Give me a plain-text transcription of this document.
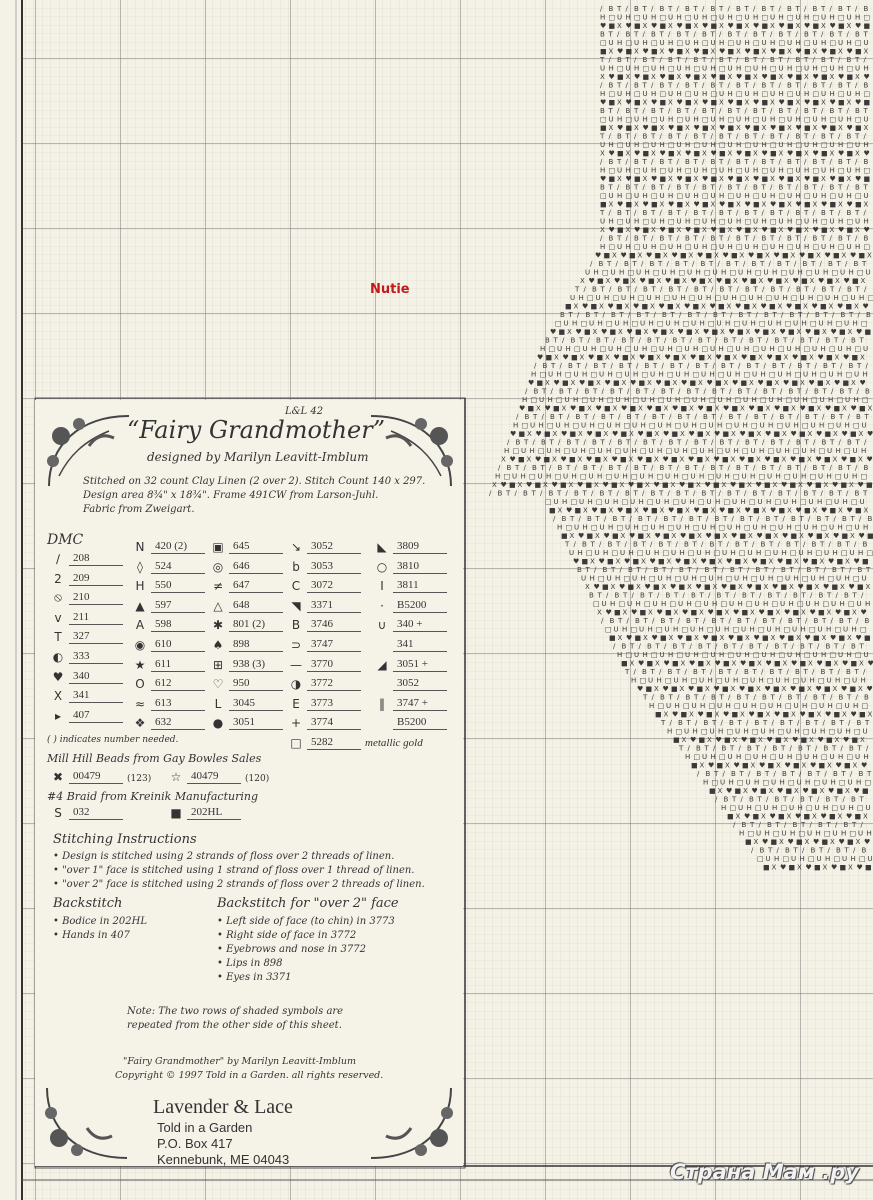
∕ B T ∕ B T ∕ B T ∕ B T ∕ B T ∕ B T ∕ B T ∕ B T ∕ B T ∕ B T ∕ B
H □ U H □ U H □ U H □ U H □ U H □ U H □ U H □ U H □ U H □ U H □
♥ ■ X ♥ ■ X ♥ ■ X ♥ ■ X ♥ ■ X ♥ ■ X ♥ ■ X ♥ ■ X ♥ ■ X ♥ ■ X ♥ ■
B T ∕ B T ∕ B T ∕ B T ∕ B T ∕ B T ∕ B T ∕ B T ∕ B T ∕ B T ∕ B T
□ U H □ U H □ U H □ U H □ U H □ U H □ U H □ U H □ U H □ U H □ U
■ X ♥ ■ X ♥ ■ X ♥ ■ X ♥ ■ X ♥ ■ X ♥ ■ X ♥ ■ X ♥ ■ X ♥ ■ X ♥ ■ X
T ∕ B T ∕ B T ∕ B T ∕ B T ∕ B T ∕ B T ∕ B T ∕ B T ∕ B T ∕ B T ∕
U H □ U H □ U H □ U H □ U H □ U H □ U H □ U H □ U H □ U H □ U H
X ♥ ■ X ♥ ■ X ♥ ■ X ♥ ■ X ♥ ■ X ♥ ■ X ♥ ■ X ♥ ■ X ♥ ■ X ♥ ■ X ♥
∕ B T ∕ B T ∕ B T ∕ B T ∕ B T ∕ B T ∕ B T ∕ B T ∕ B T ∕ B T ∕ B
H □ U H □ U H □ U H □ U H □ U H □ U H □ U H □ U H □ U H □ U H □
♥ ■ X ♥ ■ X ♥ ■ X ♥ ■ X ♥ ■ X ♥ ■ X ♥ ■ X ♥ ■ X ♥ ■ X ♥ ■ X ♥ ■
B T ∕ B T ∕ B T ∕ B T ∕ B T ∕ B T ∕ B T ∕ B T ∕ B T ∕ B T ∕ B T
□ U H □ U H □ U H □ U H □ U H □ U H □ U H □ U H □ U H □ U H □ U
■ X ♥ ■ X ♥ ■ X ♥ ■ X ♥ ■ X ♥ ■ X ♥ ■ X ♥ ■ X ♥ ■ X ♥ ■ X ♥ ■ X
T ∕ B T ∕ B T ∕ B T ∕ B T ∕ B T ∕ B T ∕ B T ∕ B T ∕ B T ∕ B T ∕
U H □ U H □ U H □ U H □ U H □ U H □ U H □ U H □ U H □ U H □ U H
X ♥ ■ X ♥ ■ X ♥ ■ X ♥ ■ X ♥ ■ X ♥ ■ X ♥ ■ X ♥ ■ X ♥ ■ X ♥ ■ X ♥
∕ B T ∕ B T ∕ B T ∕ B T ∕ B T ∕ B T ∕ B T ∕ B T ∕ B T ∕ B T ∕ B
H □ U H □ U H □ U H □ U H □ U H □ U H □ U H □ U H □ U H □ U H □
♥ ■ X ♥ ■ X ♥ ■ X ♥ ■ X ♥ ■ X ♥ ■ X ♥ ■ X ♥ ■ X ♥ ■ X ♥ ■ X ♥ ■
B T ∕ B T ∕ B T ∕ B T ∕ B T ∕ B T ∕ B T ∕ B T ∕ B T ∕ B T ∕ B T
□ U H □ U H □ U H □ U H □ U H □ U H □ U H □ U H □ U H □ U H □ U
■ X ♥ ■ X ♥ ■ X ♥ ■ X ♥ ■ X ♥ ■ X ♥ ■ X ♥ ■ X ♥ ■ X ♥ ■ X ♥ ■ X
T ∕ B T ∕ B T ∕ B T ∕ B T ∕ B T ∕ B T ∕ B T ∕ B T ∕ B T ∕ B T ∕
U H □ U H □ U H □ U H □ U H □ U H □ U H □ U H □ U H □ U H □ U H
X ♥ ■ X ♥ ■ X ♥ ■ X ♥ ■ X ♥ ■ X ♥ ■ X ♥ ■ X ♥ ■ X ♥ ■ X ♥ ■ X ♥
∕ B T ∕ B T ∕ B T ∕ B T ∕ B T ∕ B T ∕ B T ∕ B T ∕ B T ∕ B T ∕ B
H □ U H □ U H □ U H □ U H □ U H □ U H □ U H □ U H □ U H □ U H □
♥ ■ X ♥ ■ X ♥ ■ X ♥ ■ X ♥ ■ X ♥ ■ X ♥ ■ X ♥ ■ X ♥ ■ X ♥ ■ X ♥ ■ X
∕ B T ∕ B T ∕ B T ∕ B T ∕ B T ∕ B T ∕ B T ∕ B T ∕ B T ∕ B T ∕ B T
U H □ U H □ U H □ U H □ U H □ U H □ U H □ U H □ U H □ U H □ U H □ U
X ♥ ■ X ♥ ■ X ♥ ■ X ♥ ■ X ♥ ■ X ♥ ■ X ♥ ■ X ♥ ■ X ♥ ■ X ♥ ■ X ♥ ■ X
T ∕ B T ∕ B T ∕ B T ∕ B T ∕ B T ∕ B T ∕ B T ∕ B T ∕ B T ∕ B T ∕ B T ∕
U H □ U H □ U H □ U H □ U H □ U H □ U H □ U H □ U H □ U H □ U H □ U H □
■ X ♥ ■ X ♥ ■ X ♥ ■ X ♥ ■ X ♥ ■ X ♥ ■ X ♥ ■ X ♥ ■ X ♥ ■ X ♥ ■ X ♥ ■ X ♥
B T ∕ B T ∕ B T ∕ B T ∕ B T ∕ B T ∕ B T ∕ B T ∕ B T ∕ B T ∕ B T ∕ B T ∕ B
□ U H □ U H □ U H □ U H □ U H □ U H □ U H □ U H □ U H □ U H □ U H □ U H □
♥ ■ X ♥ ■ X ♥ ■ X ♥ ■ X ♥ ■ X ♥ ■ X ♥ ■ X ♥ ■ X ♥ ■ X ♥ ■ X ♥ ■ X ♥ ■ X ♥ ■
B T ∕ B T ∕ B T ∕ B T ∕ B T ∕ B T ∕ B T ∕ B T ∕ B T ∕ B T ∕ B T ∕ B T ∕ B T
H □ U H □ U H □ U H □ U H □ U H □ U H □ U H □ U H □ U H □ U H □ U H □ U H □ U
♥ ■ X ♥ ■ X ♥ ■ X ♥ ■ X ♥ ■ X ♥ ■ X ♥ ■ X ♥ ■ X ♥ ■ X ♥ ■ X ♥ ■ X ♥ ■ X ♥ ■ X
∕ B T ∕ B T ∕ B T ∕ B T ∕ B T ∕ B T ∕ B T ∕ B T ∕ B T ∕ B T ∕ B T ∕ B T ∕ B T ∕
H □ U H □ U H □ U H □ U H □ U H □ U H □ U H □ U H □ U H □ U H □ U H □ U H □ U H
♥ ■ X ♥ ■ X ♥ ■ X ♥ ■ X ♥ ■ X ♥ ■ X ♥ ■ X ♥ ■ X ♥ ■ X ♥ ■ X ♥ ■ X ♥ ■ X ♥ ■ X ♥
∕ B T ∕ B T ∕ B T ∕ B T ∕ B T ∕ B T ∕ B T ∕ B T ∕ B T ∕ B T ∕ B T ∕ B T ∕ B T ∕ B
H □ U H □ U H □ U H □ U H □ U H □ U H □ U H □ U H □ U H □ U H □ U H □ U H □ U H □
♥ ■ X ♥ ■ X ♥ ■ X ♥ ■ X ♥ ■ X ♥ ■ X ♥ ■ X ♥ ■ X ♥ ■ X ♥ ■ X ♥ ■ X ♥ ■ X ♥ ■ X ♥ ■ X
∕ B T ∕ B T ∕ B T ∕ B T ∕ B T ∕ B T ∕ B T ∕ B T ∕ B T ∕ B T ∕ B T ∕ B T ∕ B T ∕ B T
H □ U H □ U H □ U H □ U H □ U H □ U H □ U H □ U H □ U H □ U H □ U H □ U H □ U H □ U
♥ ■ X ♥ ■ X ♥ ■ X ♥ ■ X ♥ ■ X ♥ ■ X ♥ ■ X ♥ ■ X ♥ ■ X ♥ ■ X ♥ ■ X ♥ ■ X ♥ ■ X ♥ ■ X ♥
∕ B T ∕ B T ∕ B T ∕ B T ∕ B T ∕ B T ∕ B T ∕ B T ∕ B T ∕ B T ∕ B T ∕ B T ∕ B T ∕ B T ∕
H □ U H □ U H □ U H □ U H □ U H □ U H □ U H □ U H □ U H □ U H □ U H □ U H □ U H □ U H
X ♥ ■ X ♥ ■ X ♥ ■ X ♥ ■ X ♥ ■ X ♥ ■ X ♥ ■ X ♥ ■ X ♥ ■ X ♥ ■ X ♥ ■ X ♥ ■ X ♥ ■ X ♥ ■ X ♥
∕ B T ∕ B T ∕ B T ∕ B T ∕ B T ∕ B T ∕ B T ∕ B T ∕ B T ∕ B T ∕ B T ∕ B T ∕ B T ∕ B T ∕ B
H □ U H □ U H □ U H □ U H □ U H □ U H □ U H □ U H □ U H □ U H □ U H □ U H □ U H □ U H □
X ♥ ■ X ♥ ■ X ♥ ■ X ♥ ■ X ♥ ■ X ♥ ■ X ♥ ■ X ♥ ■ X ♥ ■ X ♥ ■ X ♥ ■ X ♥ ■ X ♥ ■ X ♥ ■ X ♥ ■
∕ B T ∕ B T ∕ B T ∕ B T ∕ B T ∕ B T ∕ B T ∕ B T ∕ B T ∕ B T ∕ B T ∕ B T ∕ B T ∕ B T ∕ B T
□ U H □ U H □ U H □ U H □ U H □ U H □ U H □ U H □ U H □ U H □ U H □ U H □ U
■ X ♥ ■ X ♥ ■ X ♥ ■ X ♥ ■ X ♥ ■ X ♥ ■ X ♥ ■ X ♥ ■ X ♥ ■ X ♥ ■ X ♥ ■ X ♥ ■ X
∕ B T ∕ B T ∕ B T ∕ B T ∕ B T ∕ B T ∕ B T ∕ B T ∕ B T ∕ B T ∕ B T ∕ B T ∕ B
H □ U H □ U H □ U H □ U H □ U H □ U H □ U H □ U H □ U H □ U H □ U H □ U H
■ X ♥ ■ X ♥ ■ X ♥ ■ X ♥ ■ X ♥ ■ X ♥ ■ X ♥ ■ X ♥ ■ X ♥ ■ X ♥ ■ X ♥ ■ X ♥ ■
T ∕ B T ∕ B T ∕ B T ∕ B T ∕ B T ∕ B T ∕ B T ∕ B T ∕ B T ∕ B T ∕ B T ∕ B
U H □ U H □ U H □ U H □ U H □ U H □ U H □ U H □ U H □ U H □ U H □ U H □
♥ ■ X ♥ ■ X ♥ ■ X ♥ ■ X ♥ ■ X ♥ ■ X ♥ ■ X ♥ ■ X ♥ ■ X ♥ ■ X ♥ ■ X ♥ ■
B T ∕ B T ∕ B T ∕ B T ∕ B T ∕ B T ∕ B T ∕ B T ∕ B T ∕ B T ∕ B T ∕ B T
U H □ U H □ U H □ U H □ U H □ U H □ U H □ U H □ U H □ U H □ U H □ U
X ♥ ■ X ♥ ■ X ♥ ■ X ♥ ■ X ♥ ■ X ♥ ■ X ♥ ■ X ♥ ■ X ♥ ■ X ♥ ■ X ♥ ■ X
B T ∕ B T ∕ B T ∕ B T ∕ B T ∕ B T ∕ B T ∕ B T ∕ B T ∕ B T ∕ B T ∕
□ U H □ U H □ U H □ U H □ U H □ U H □ U H □ U H □ U H □ U H □ U H
X ♥ ■ X ♥ ■ X ♥ ■ X ♥ ■ X ♥ ■ X ♥ ■ X ♥ ■ X ♥ ■ X ♥ ■ X ♥ ■ X ♥
∕ B T ∕ B T ∕ B T ∕ B T ∕ B T ∕ B T ∕ B T ∕ B T ∕ B T ∕ B T ∕ B
□ U H □ U H □ U H □ U H □ U H □ U H □ U H □ U H □ U H □ U H □
■ X ♥ ■ X ♥ ■ X ♥ ■ X ♥ ■ X ♥ ■ X ♥ ■ X ♥ ■ X ♥ ■ X ♥ ■ X ♥ ■
∕ B T ∕ B T ∕ B T ∕ B T ∕ B T ∕ B T ∕ B T ∕ B T ∕ B T ∕ B T
H □ U H □ U H □ U H □ U H □ U H □ U H □ U H □ U H □ U H □ U
■ X ♥ ■ X ♥ ■ X ♥ ■ X ♥ ■ X ♥ ■ X ♥ ■ X ♥ ■ X ♥ ■ X ♥ ■ X ♥
T ∕ B T ∕ B T ∕ B T ∕ B T ∕ B T ∕ B T ∕ B T ∕ B T ∕ B T ∕
H □ U H □ U H □ U H □ U H □ U H □ U H □ U H □ U H □ U H
♥ ■ X ♥ ■ X ♥ ■ X ♥ ■ X ♥ ■ X ♥ ■ X ♥ ■ X ♥ ■ X ♥ ■ X ♥
T ∕ B T ∕ B T ∕ B T ∕ B T ∕ B T ∕ B T ∕ B T ∕ B T ∕ B
H □ U H □ U H □ U H □ U H □ U H □ U H □ U H □ U H □
■ X ♥ ■ X ♥ ■ X ♥ ■ X ♥ ■ X ♥ ■ X ♥ ■ X ♥ ■ X ♥ ■ X
T ∕ B T ∕ B T ∕ B T ∕ B T ∕ B T ∕ B T ∕ B T ∕ B T
H □ U H □ U H □ U H □ U H □ U H □ U H □ U H □ U
■ X ♥ ■ X ♥ ■ X ♥ ■ X ♥ ■ X ♥ ■ X ♥ ■ X ♥ ■ X
T ∕ B T ∕ B T ∕ B T ∕ B T ∕ B T ∕ B T ∕ B T ∕
H □ U H □ U H □ U H □ U H □ U H □ U H □ U H
■ X ♥ ■ X ♥ ■ X ♥ ■ X ♥ ■ X ♥ ■ X ♥ ■ X ♥
∕ B T ∕ B T ∕ B T ∕ B T ∕ B T ∕ B T ∕ B T
H □ U H □ U H □ U H □ U H □ U H □ U H □
■ X ♥ ■ X ♥ ■ X ♥ ■ X ♥ ■ X ♥ ■ X ♥ ■
∕ B T ∕ B T ∕ B T ∕ B T ∕ B T ∕ B T
H □ U H □ U H □ U H □ U H □ U H □ U
■ X ♥ ■ X ♥ ■ X ♥ ■ X ♥ ■ X ♥ ■ X
∕ B T ∕ B T ∕ B T ∕ B T ∕ B T ∕
H □ U H □ U H □ U H □ U H □ U H
■ X ♥ ■ X ♥ ■ X ♥ ■ X ♥ ■ X ♥
∕ B T ∕ B T ∕ B T ∕ B T ∕ B
□ U H □ U H □ U H □ U H □ U
■ X ♥ ■ X ♥ ■ X ♥ ■ X ♥ ■
Nutie
L&L 42
“Fairy Grandmother”
designed by Marilyn Leavitt-Imblum
Stitched on 32 count Clay Linen (2 over 2). Stitch Count 140 x 297.
Design area 8¾" x 18¾". Frame 491CW from Larson-Juhl.
Fabric from Zweigart.
DMC
∕	208
2	209
⦸	210
v	211
T	327
◐ 333
♥ 340
X 341
▸	407
N 420 (2)
◊	524
H 550
▲ 597
A 598
◉ 610
★ 611
O 612
≈ 613
❖ 632
▣ 645
◎ 646
≠ 647
△ 648
✱ 801 (2)
♠ 898
⊞ 938 (3)
♡ 950
L	3045
● 3051
↘ 3052
b	3053
C 3072
◥ 3371
B 3746
⊃ 3747
— 3770
◑ 3772
E	3773
+ 3774
□ 5282	metallic gold
◣ 3809
○ 3810
I	3811
·	B5200
∪ 340 +
341
◢ 3051 +
3052
‖	3747 +
B5200
( ) indicates number needed.
Mill Hill Beads from Gay Bowles Sales
✖ 00479	(123)	☆ 40479	(120)
#4 Braid from Kreinik Manufacturing
S	032	■ 202HL
Stitching Instructions
• Design is stitched using 2 strands of floss over 2 threads of linen.
• "over 1" face is stitched using 1 strand of floss over 1 thread of linen.
• "over 2" face is stitched using 2 strands of floss over 2 threads of linen.
Backstitch
• Bodice in 202HL
• Hands in 407
Backstitch for "over 2" face
• Left side of face (to chin) in 3773
• Right side of face in 3772
• Eyebrows and nose in 3772
• Lips in 898
• Eyes in 3371
Note: The two rows of shaded symbols are
repeated from the other side of this sheet.
"Fairy Grandmother" by Marilyn Leavitt-Imblum
Copyright © 1997 Told in a Garden. all rights reserved.
Lavender & Lace
Told in a Garden
P.O. Box 417
Kennebunk, ME 04043
Страна Мам .ру
